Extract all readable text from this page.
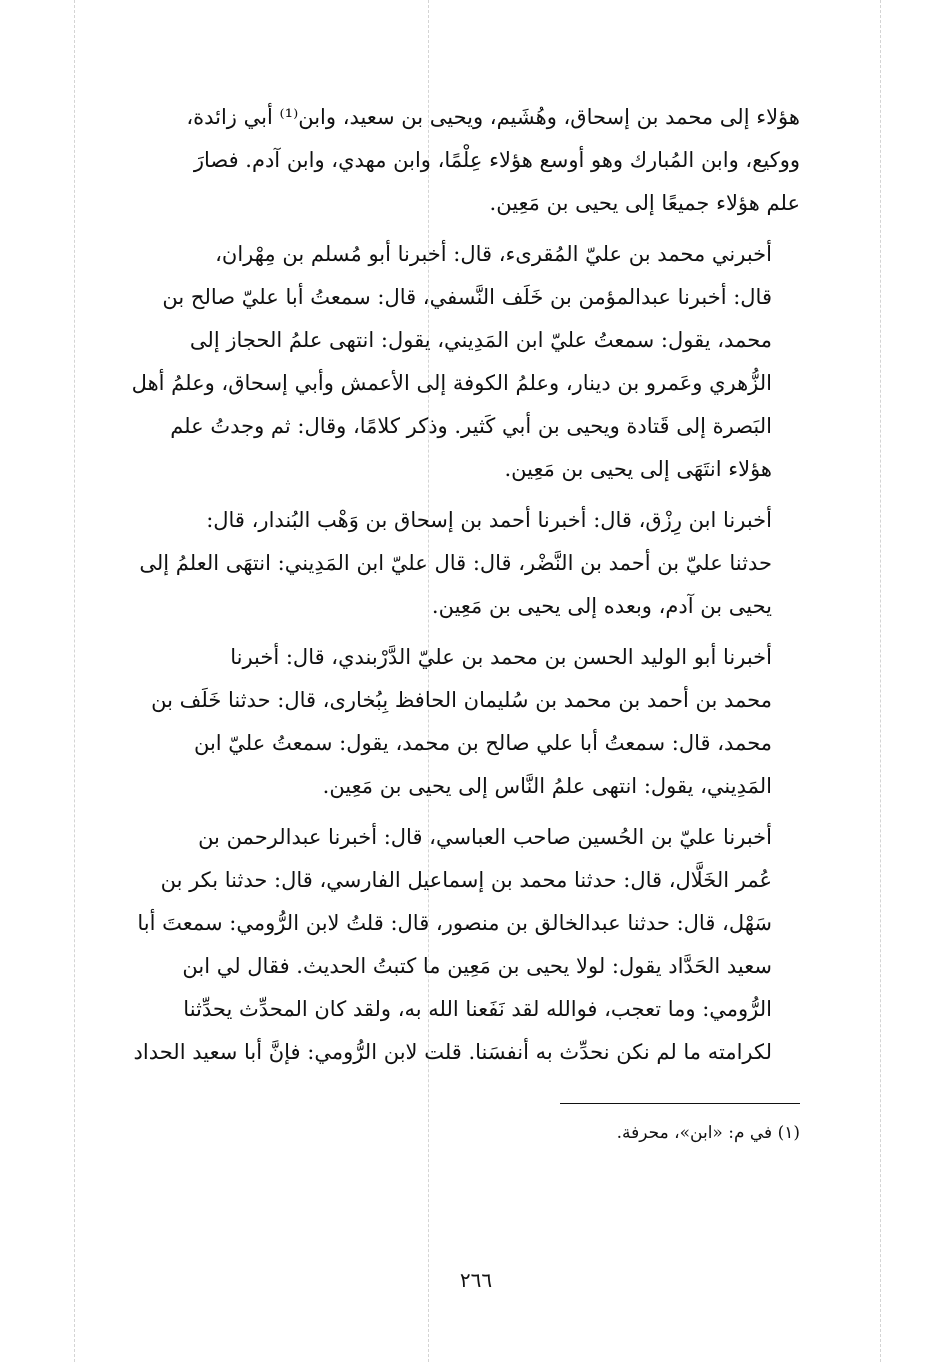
هؤلاء إلى محمد بن إسحاق، وهُشَيم، ويحيى بن سعيد، وابن⁽¹⁾ أبي زائدة،
ووكيع، وابن المُبارك وهو أوسع هؤلاء عِلْمًا، وابن مهدي، وابن آدم. فصارَ
علم هؤلاء جميعًا إلى يحيى بن مَعِين.

أخبرني محمد بن عليّ المُقرىء، قال: أخبرنا أبو مُسلم بن مِهْران،
قال: أخبرنا عبدالمؤمن بن خَلَف النَّسفي، قال: سمعتُ أبا عليّ صالح بن
محمد، يقول: سمعتُ عليّ ابن المَدِيني، يقول: انتهى علمُ الحجاز إلى
الزُّهري وعَمرو بن دينار، وعلمُ الكوفة إلى الأعمش وأبي إسحاق، وعلمُ أهل
البَصرة إلى قَتادة ويحيى بن أبي كَثير. وذكر كلامًا، وقال: ثم وجدتُ علم
هؤلاء انتَهَى إلى يحيى بن مَعِين.

أخبرنا ابن رِزْق، قال: أخبرنا أحمد بن إسحاق بن وَهْب البُندار، قال:
حدثنا عليّ بن أحمد بن النَّضْر، قال: قال عليّ ابن المَدِيني: انتهَى العلمُ إلى
يحيى بن آدم، وبعده إلى يحيى بن مَعِين.

أخبرنا أبو الوليد الحسن بن محمد بن عليّ الدَّرْبندي، قال: أخبرنا
محمد بن أحمد بن محمد بن سُليمان الحافظ بِبُخارى، قال: حدثنا خَلَف بن
محمد، قال: سمعتُ أبا علي صالح بن محمد، يقول: سمعتُ عليّ ابن
المَدِيني، يقول: انتهى علمُ النَّاس إلى يحيى بن مَعِين.

أخبرنا عليّ بن الحُسين صاحب العباسي، قال: أخبرنا عبدالرحمن بن
عُمر الخَلَّال، قال: حدثنا محمد بن إسماعيل الفارسي، قال: حدثنا بكر بن
سَهْل، قال: حدثنا عبدالخالق بن منصور، قال: قلتُ لابن الرُّومي: سمعتَ أبا
سعيد الحَدَّاد يقول: لولا يحيى بن مَعِين ما كتبتُ الحديث. فقال لي ابن
الرُّومي: وما تعجب، فوالله لقد نَفَعنا الله به، ولقد كان المحدِّث يحدِّثنا
لكرامته ما لم نكن نحدِّث به أنفسَنا. قلت لابن الرُّومي: فإنَّ أبا سعيد الحداد

(١) في م: «ابن»، محرفة.
٢٦٦
